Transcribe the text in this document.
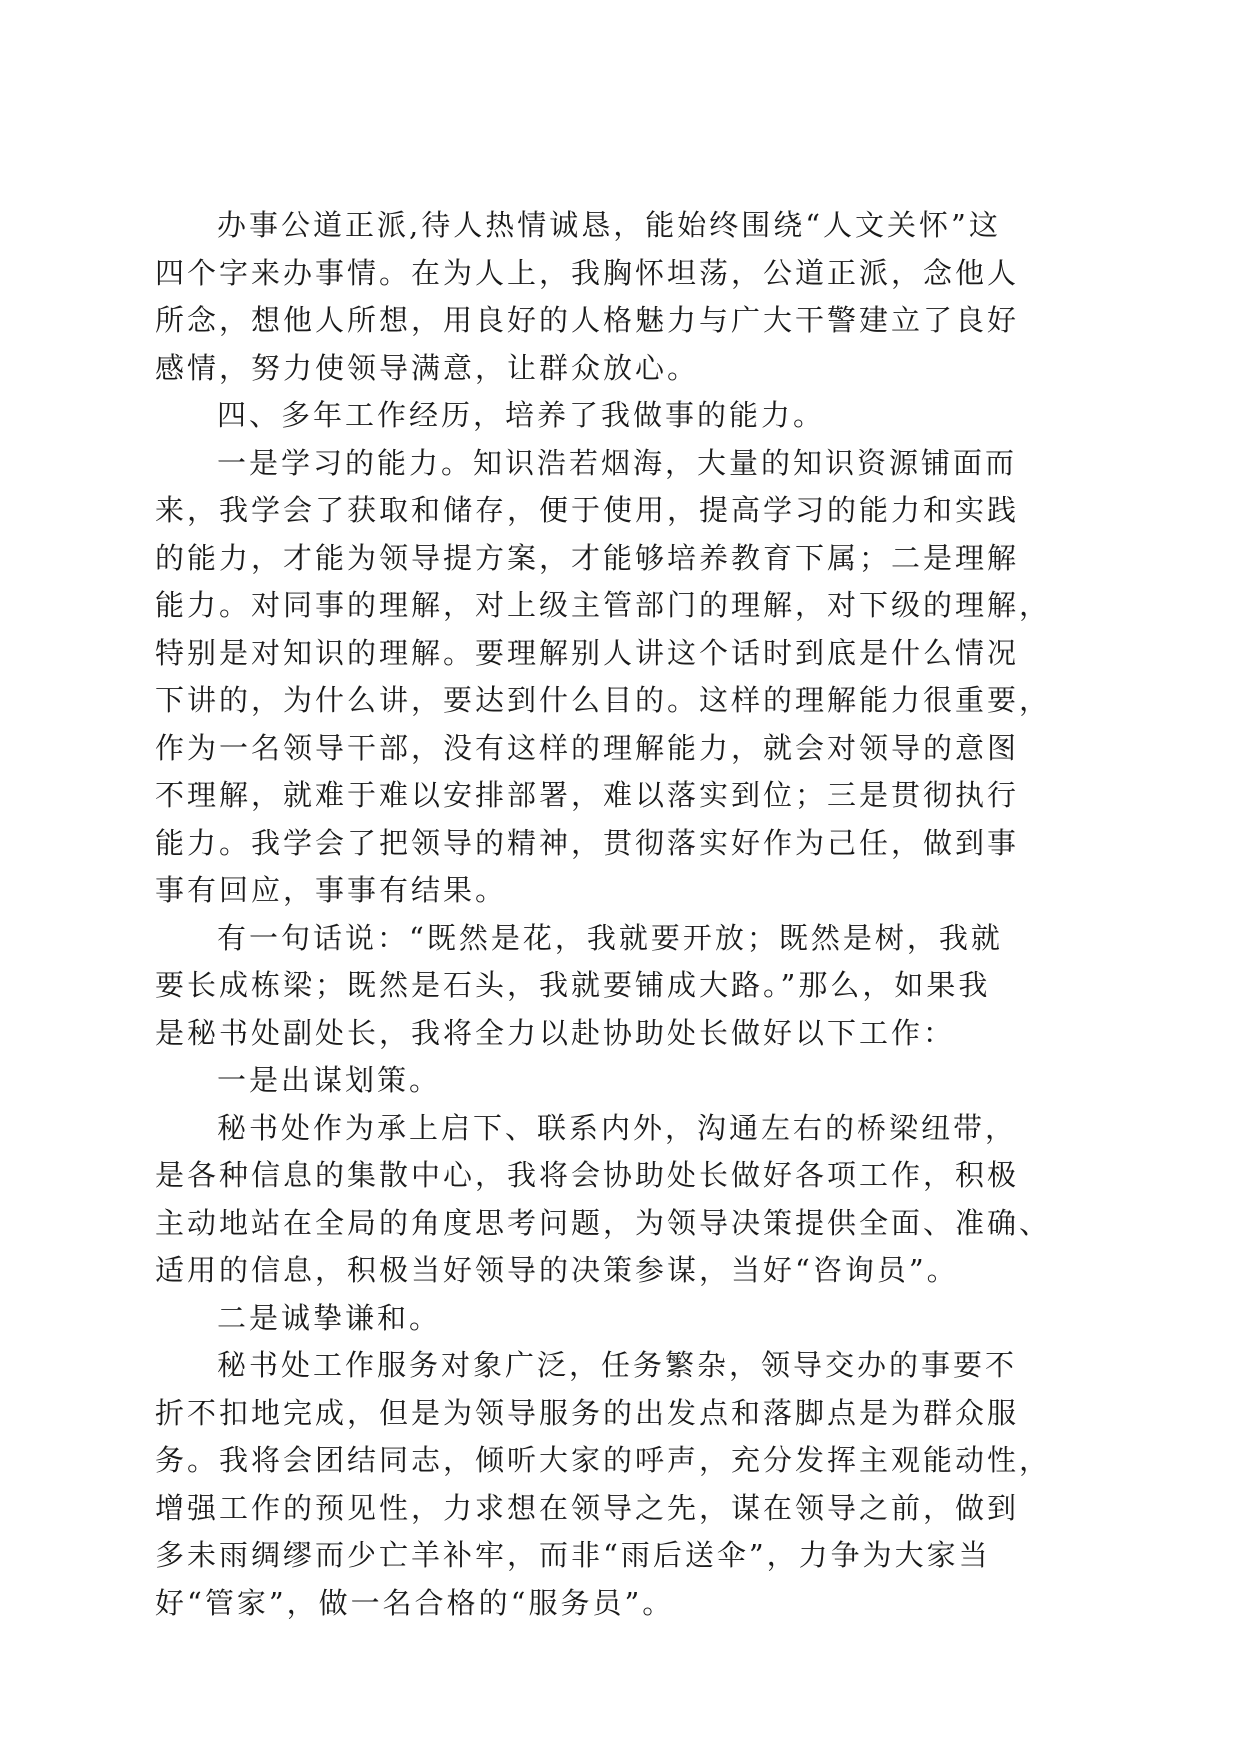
办事公道正派,待人热情诚恳，能始终围绕“人文关怀”这
四个字来办事情。在为人上，我胸怀坦荡，公道正派，念他人
所念，想他人所想，用良好的人格魅力与广大干警建立了良好
感情，努力使领导满意，让群众放心。
四、多年工作经历，培养了我做事的能力。
一是学习的能力。知识浩若烟海，大量的知识资源铺面而
来，我学会了获取和储存，便于使用，提高学习的能力和实践
的能力，才能为领导提方案，才能够培养教育下属；二是理解
能力。对同事的理解，对上级主管部门的理解，对下级的理解，
特别是对知识的理解。要理解别人讲这个话时到底是什么情况
下讲的，为什么讲，要达到什么目的。这样的理解能力很重要，
作为一名领导干部，没有这样的理解能力，就会对领导的意图
不理解，就难于难以安排部署，难以落实到位；三是贯彻执行
能力。我学会了把领导的精神，贯彻落实好作为己任，做到事
事有回应，事事有结果。
有一句话说：“既然是花，我就要开放；既然是树，我就
要长成栋梁；既然是石头，我就要铺成大路。”那么，如果我
是秘书处副处长，我将全力以赴协助处长做好以下工作：
一是出谋划策。
秘书处作为承上启下、联系内外，沟通左右的桥梁纽带，
是各种信息的集散中心，我将会协助处长做好各项工作，积极
主动地站在全局的角度思考问题，为领导决策提供全面、准确、
适用的信息，积极当好领导的决策参谋，当好“咨询员”。
二是诚挚谦和。
秘书处工作服务对象广泛，任务繁杂，领导交办的事要不
折不扣地完成，但是为领导服务的出发点和落脚点是为群众服
务。我将会团结同志，倾听大家的呼声，充分发挥主观能动性，
增强工作的预见性，力求想在领导之先，谋在领导之前，做到
多未雨绸缪而少亡羊补牢，而非“雨后送伞”，力争为大家当
好“管家”，做一名合格的“服务员”。
